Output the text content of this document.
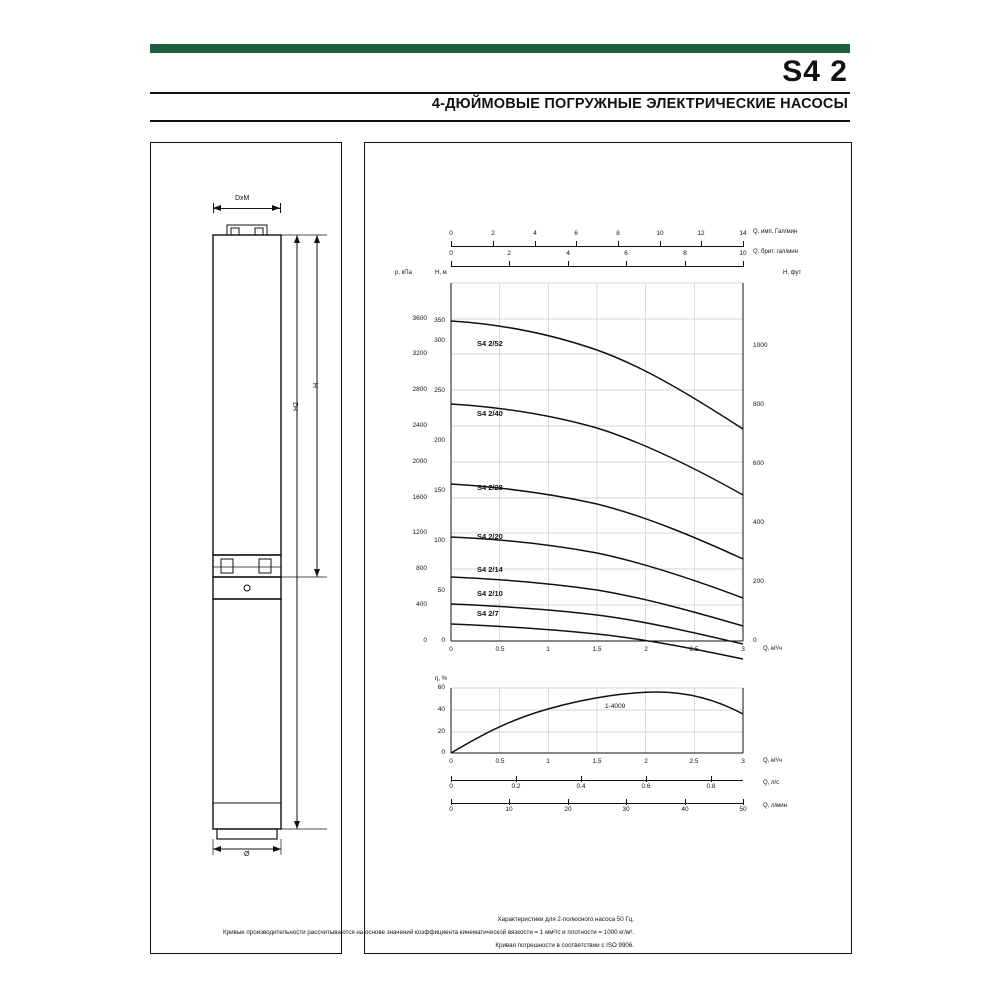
S4 2
4-ДЮЙМОВЫЕ ПОГРУЖНЫЕ ЭЛЕКТРИЧЕСКИЕ НАСОСЫ
DxM
H2
H
Ø
0	2	4	6	8	10	12	14	Q, имп. Гал/мин
0	2	4	6	8	10	Q, брит. гал/мин
p, кПа	H, м	H, фут
0
400
800
1200
1600
2000
2400
2800
3200
3600
0
50
100
150
200
250
300
350
0
200
400
600
800
1000
0	0.5	1	1.5	2	2.5	3	Q, м³/ч
S4 2/52
S4 2/40
S4 2/28
S4 2/20
S4 2/14
S4 2/10
S4 2/7
η, %
0
20
40
60
1-4009
0	0.5	1	1.5	2	2.5	3	Q, м³/ч
0	0.2	0.4	0.6	0.8	Q, л/с
0	10	20	30	40	50	Q, л/мин
Характеристики для 2-полюсного насоса 50 Гц.
Кривые производительности рассчитываются на основе значений коэффициента кинематической вязкости = 1 мм²/с и плотности = 1000 кг/м³.
Кривая погрешности в соответствии с ISO 9906.
